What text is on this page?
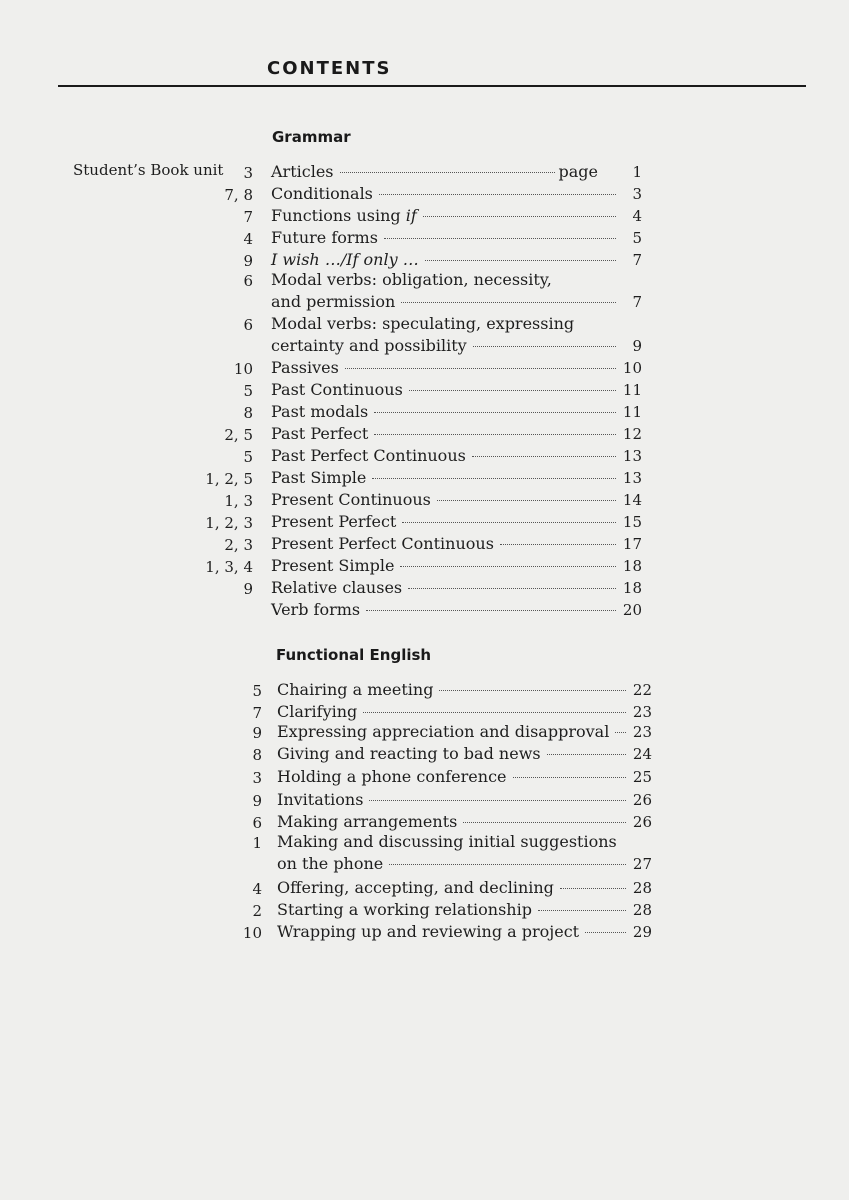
CONTENTS
Grammar
Student’s Book unit 3 Articles	page	1
7, 8 Conditionals	3
7 Functions using if	4
4 Future forms	5
9 I wish …/If only …	7
6 Modal verbs: obligation, necessity,
and permission	7
6 Modal verbs: speculating, expressing
certainty and possibility	9
10 Passives	10
5 Past Continuous	11
8 Past modals	11
2, 5 Past Perfect	12
5 Past Perfect Continuous	13
1, 2, 5 Past Simple	13
1, 3 Present Continuous	14
1, 2, 3 Present Perfect	15
2, 3 Present Perfect Continuous	17
1, 3, 4 Present Simple	18
9 Relative clauses	18
Verb forms	20
Functional English
5 Chairing a meeting	22
7 Clarifying	23
9 Expressing appreciation and disapproval 23
8 Giving and reacting to bad news	24
3 Holding a phone conference	25
9 Invitations	26
6 Making arrangements	26
1 Making and discussing initial suggestions
on the phone	27
4 Offering, accepting, and declining	28
2 Starting a working relationship	28
10 Wrapping up and reviewing a project	29
